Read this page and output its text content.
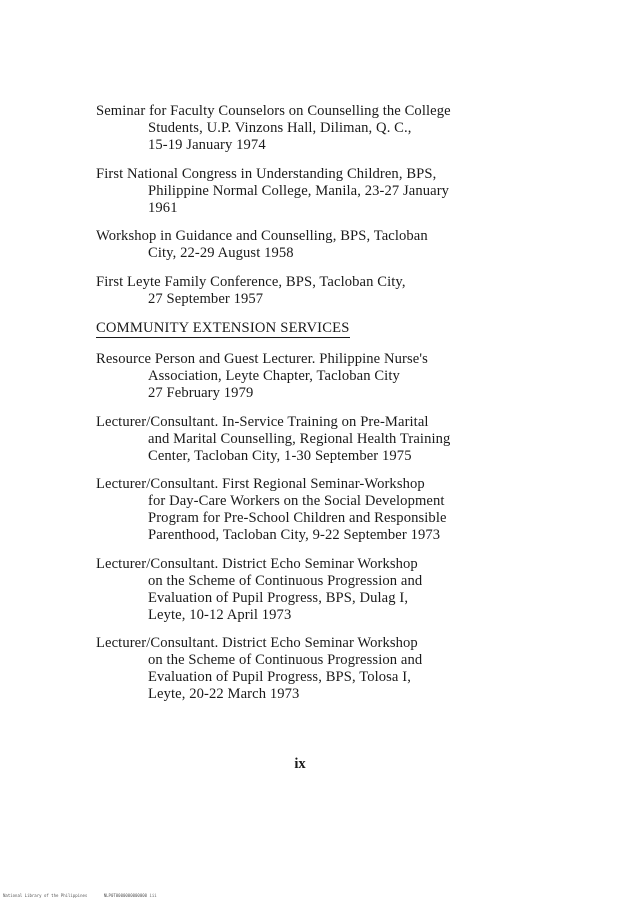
Seminar for Faculty Counselors on Counselling the College
Students, U.P. Vinzons Hall, Diliman, Q. C.,
15-19 January 1974
First National Congress in Understanding Children, BPS,
Philippine Normal College, Manila, 23-27 January
1961
Workshop in Guidance and Counselling, BPS, Tacloban
City, 22-29 August 1958
First Leyte Family Conference, BPS, Tacloban City,
27 September 1957
COMMUNITY EXTENSION SERVICES
Resource Person and Guest Lecturer. Philippine Nurse's
Association, Leyte Chapter, Tacloban City
27 February 1979
Lecturer/Consultant. In-Service Training on Pre-Marital
and Marital Counselling, Regional Health Training
Center, Tacloban City, 1-30 September 1975
Lecturer/Consultant. First Regional Seminar-Workshop
for Day-Care Workers on the Social Development
Program for Pre-School Children and Responsible
Parenthood, Tacloban City, 9-22 September 1973
Lecturer/Consultant. District Echo Seminar Workshop
on the Scheme of Continuous Progression and
Evaluation of Pupil Progress, BPS, Dulag I,
Leyte, 10-12 April 1973
Lecturer/Consultant. District Echo Seminar Workshop
on the Scheme of Continuous Progression and
Evaluation of Pupil Progress, BPS, Tolosa I,
Leyte, 20-22 March 1973
ix
National Library of the Philippines	NLP0T0000000000000 iii
